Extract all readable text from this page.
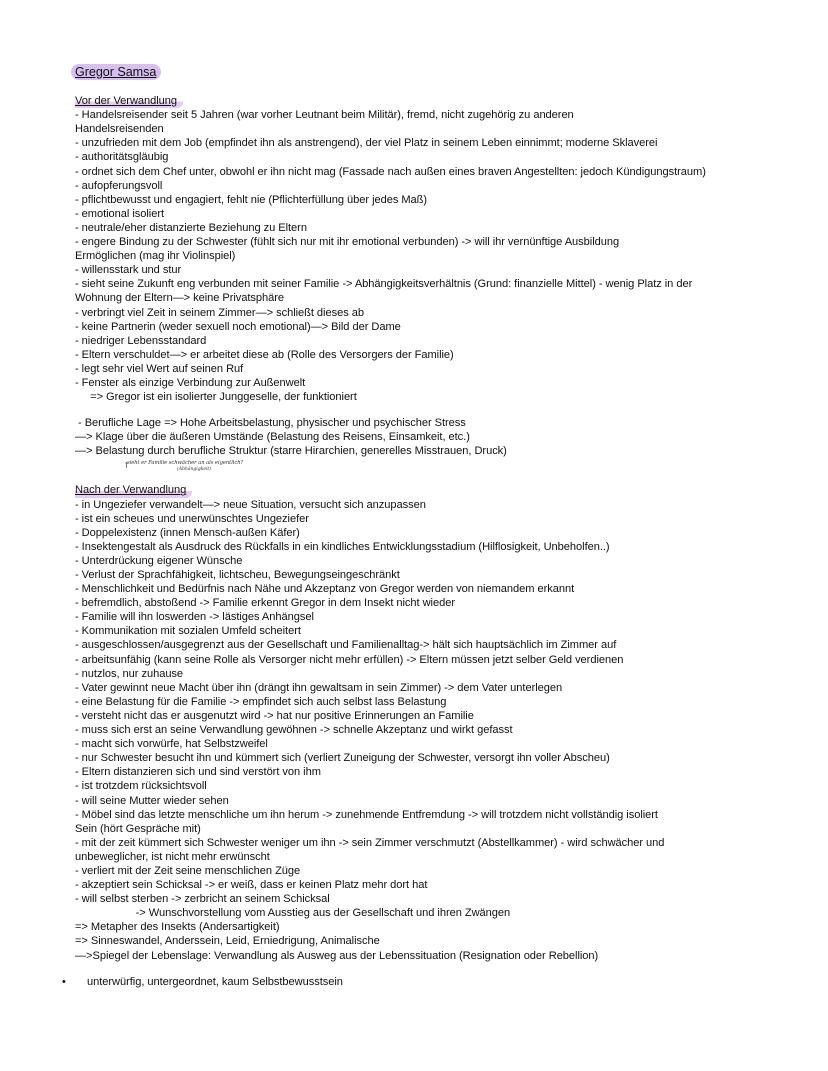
Gregor Samsa
Vor der Verwandlung
- Handelsreisender seit 5 Jahren (war vorher Leutnant beim Militär), fremd, nicht zugehörig zu anderen
Handelsreisenden
- unzufrieden mit dem Job (empfindet ihn als anstrengend), der viel Platz in seinem Leben einnimmt; moderne Sklaverei
- authoritätsgläubig
- ordnet sich dem Chef unter, obwohl er ihn nicht mag (Fassade nach außen eines braven Angestellten: jedoch Kündigungstraum)
- aufopferungsvoll
- pflichtbewusst und engagiert, fehlt nie (Pflichterfüllung über jedes Maß)
- emotional isoliert
- neutrale/eher distanzierte Beziehung zu Eltern
- engere Bindung zu der Schwester (fühlt sich nur mit ihr emotional verbunden) -> will ihr vernünftige Ausbildung
Ermöglichen (mag ihr Violinspiel)
- willensstark und stur
- sieht seine Zukunft eng verbunden mit seiner Familie -> Abhängigkeitsverhältnis (Grund: finanzielle Mittel) - wenig Platz in der
Wohnung der Eltern—> keine Privatsphäre
- verbringt viel Zeit in seinem Zimmer—> schließt dieses ab
- keine Partnerin (weder sexuell noch emotional)—> Bild der Dame
- niedriger Lebensstandard
- Eltern verschuldet—> er arbeitet diese ab (Rolle des Versorgers der Familie)
- legt sehr viel Wert auf seinen Ruf
- Fenster als einzige Verbindung zur Außenwelt
=> Gregor ist ein isolierter Junggeselle, der funktioniert
- Berufliche Lage => Hohe Arbeitsbelastung, physischer und psychischer Stress
—> Klage über die äußeren Umstände (Belastung des Reisens, Einsamkeit, etc.)
—> Belastung durch berufliche Struktur (starre Hirarchien, generelles Misstrauen, Druck)
↑
sieht er Familie schwächer an als eigentlich?
(Abhängigkeit)
Nach der Verwandlung
- in Ungeziefer verwandelt—> neue Situation, versucht sich anzupassen
- ist ein scheues und unerwünschtes Ungeziefer
- Doppelexistenz (innen Mensch-außen Käfer)
- Insektengestalt als Ausdruck des Rückfalls in ein kindliches Entwicklungsstadium (Hilflosigkeit, Unbeholfen..)
- Unterdrückung eigener Wünsche
- Verlust der Sprachfähigkeit, lichtscheu, Bewegungseingeschränkt
- Menschlichkeit und Bedürfnis nach Nähe und Akzeptanz von Gregor werden von niemandem erkannt
- befremdlich, abstoßend -> Familie erkennt Gregor in dem Insekt nicht wieder
- Familie will ihn loswerden -> lästiges Anhängsel
- Kommunikation mit sozialen Umfeld scheitert
- ausgeschlossen/ausgegrenzt aus der Gesellschaft und Familienalltag-> hält sich hauptsächlich im Zimmer auf
- arbeitsunfähig (kann seine Rolle als Versorger nicht mehr erfüllen) -> Eltern müssen jetzt selber Geld verdienen
- nutzlos, nur zuhause
- Vater gewinnt neue Macht über ihn (drängt ihn gewaltsam in sein Zimmer) -> dem Vater unterlegen
- eine Belastung für die Familie -> empfindet sich auch selbst lass Belastung
- versteht nicht das er ausgenutzt wird -> hat nur positive Erinnerungen an Familie
- muss sich erst an seine Verwandlung gewöhnen -> schnelle Akzeptanz und wirkt gefasst
- macht sich vorwürfe, hat Selbstzweifel
- nur Schwester besucht ihn und kümmert sich (verliert Zuneigung der Schwester, versorgt ihn voller Abscheu)
- Eltern distanzieren sich und sind verstört von ihm
- ist trotzdem rücksichtsvoll
- will seine Mutter wieder sehen
- Möbel sind das letzte menschliche um ihn herum -> zunehmende Entfremdung -> will trotzdem nicht vollständig isoliert
Sein (hört Gespräche mit)
- mit der zeit kümmert sich Schwester weniger um ihn -> sein Zimmer verschmutzt (Abstellkammer) - wird schwächer und
unbeweglicher, ist nicht mehr erwünscht
- verliert mit der Zeit seine menschlichen Züge
- akzeptiert sein Schicksal -> er weiß, dass er keinen Platz mehr dort hat
- will selbst sterben -> zerbricht an seinem Schicksal
-> Wunschvorstellung vom Ausstieg aus der Gesellschaft und ihren Zwängen
=> Metapher des Insekts (Andersartigkeit)
=> Sinneswandel, Anderssein, Leid, Erniedrigung, Animalische
—>Spiegel der Lebenslage: Verwandlung als Ausweg aus der Lebenssituation (Resignation oder Rebellion)
•	unterwürfig, untergeordnet, kaum Selbstbewusstsein
